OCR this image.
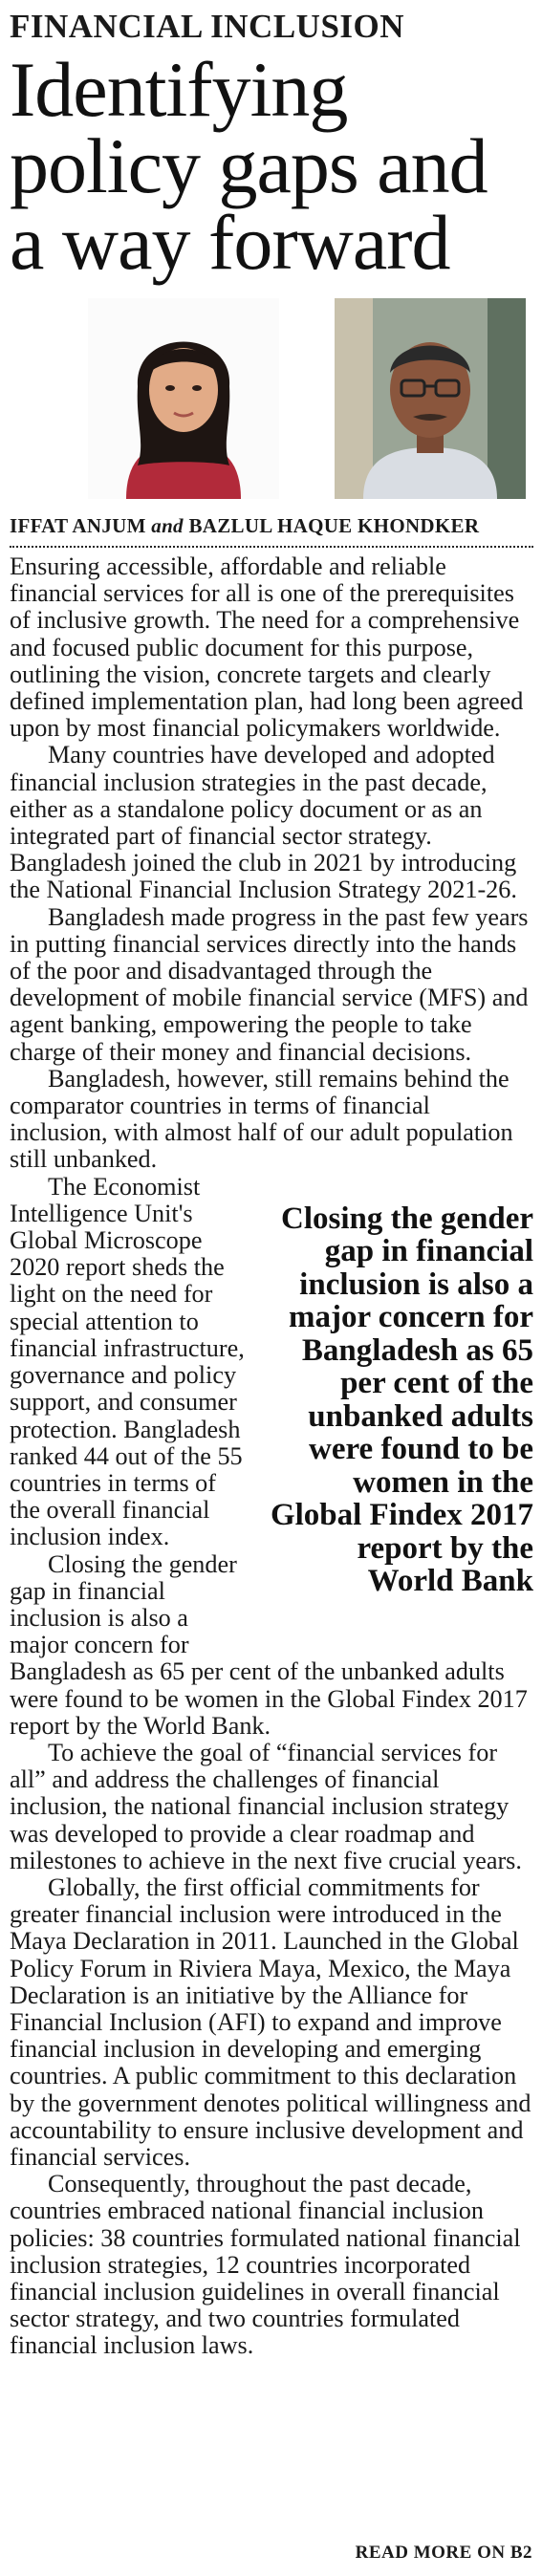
FINANCIAL INCLUSION
Identifying
policy gaps and
a way forward
IFFAT ANJUM and BAZLUL HAQUE KHONDKER

Ensuring accessible, affordable and reliable financial services for all is one of the prerequisites of inclusive growth. The need for a comprehensive and focused public document for this purpose, outlining the vision, concrete targets and clearly defined implementation plan, had long been agreed upon by most financial policymakers worldwide.

Many countries have developed and adopted financial inclusion strategies in the past decade, either as a standalone policy document or as an integrated part of financial sector strategy. Bangladesh joined the club in 2021 by introducing the National Financial Inclusion Strategy 2021-26.

Bangladesh made progress in the past few years in putting financial services directly into the hands of the poor and disadvantaged through the development of mobile financial service (MFS) and agent banking, empowering the people to take charge of their money and financial decisions.

Bangladesh, however, still remains behind the comparator countries in terms of financial inclusion, with almost half of our adult population still unbanked.

The Economist Intelligence Unit's Global Microscope 2020 report sheds the light on the need for special attention to financial infrastructure, governance and policy support, and consumer protection. Bangladesh ranked 44 out of the 55 countries in terms of the overall financial inclusion index.

Closing the gender gap in financial inclusion is also a major concern for

Closing the gender gap in financial inclusion is also a major concern for Bangladesh as 65 per cent of the unbanked adults were found to be women in the Global Findex 2017 report by the World Bank

Bangladesh as 65 per cent of the unbanked adults were found to be women in the Global Findex 2017 report by the World Bank.

To achieve the goal of “financial services for all” and address the challenges of financial inclusion, the national financial inclusion strategy was developed to provide a clear roadmap and milestones to achieve in the next five crucial years.

Globally, the first official commitments for greater financial inclusion were introduced in the Maya Declaration in 2011. Launched in the Global Policy Forum in Riviera Maya, Mexico, the Maya Declaration is an initiative by the Alliance for Financial Inclusion (AFI) to expand and improve financial inclusion in developing and emerging countries. A public commitment to this declaration by the government denotes political willingness and accountability to ensure inclusive development and financial services.

Consequently, throughout the past decade, countries embraced national financial inclusion policies: 38 countries formulated national financial inclusion strategies, 12 countries incorporated financial inclusion guidelines in overall financial sector strategy, and two countries formulated financial inclusion laws.

READ MORE ON B2
